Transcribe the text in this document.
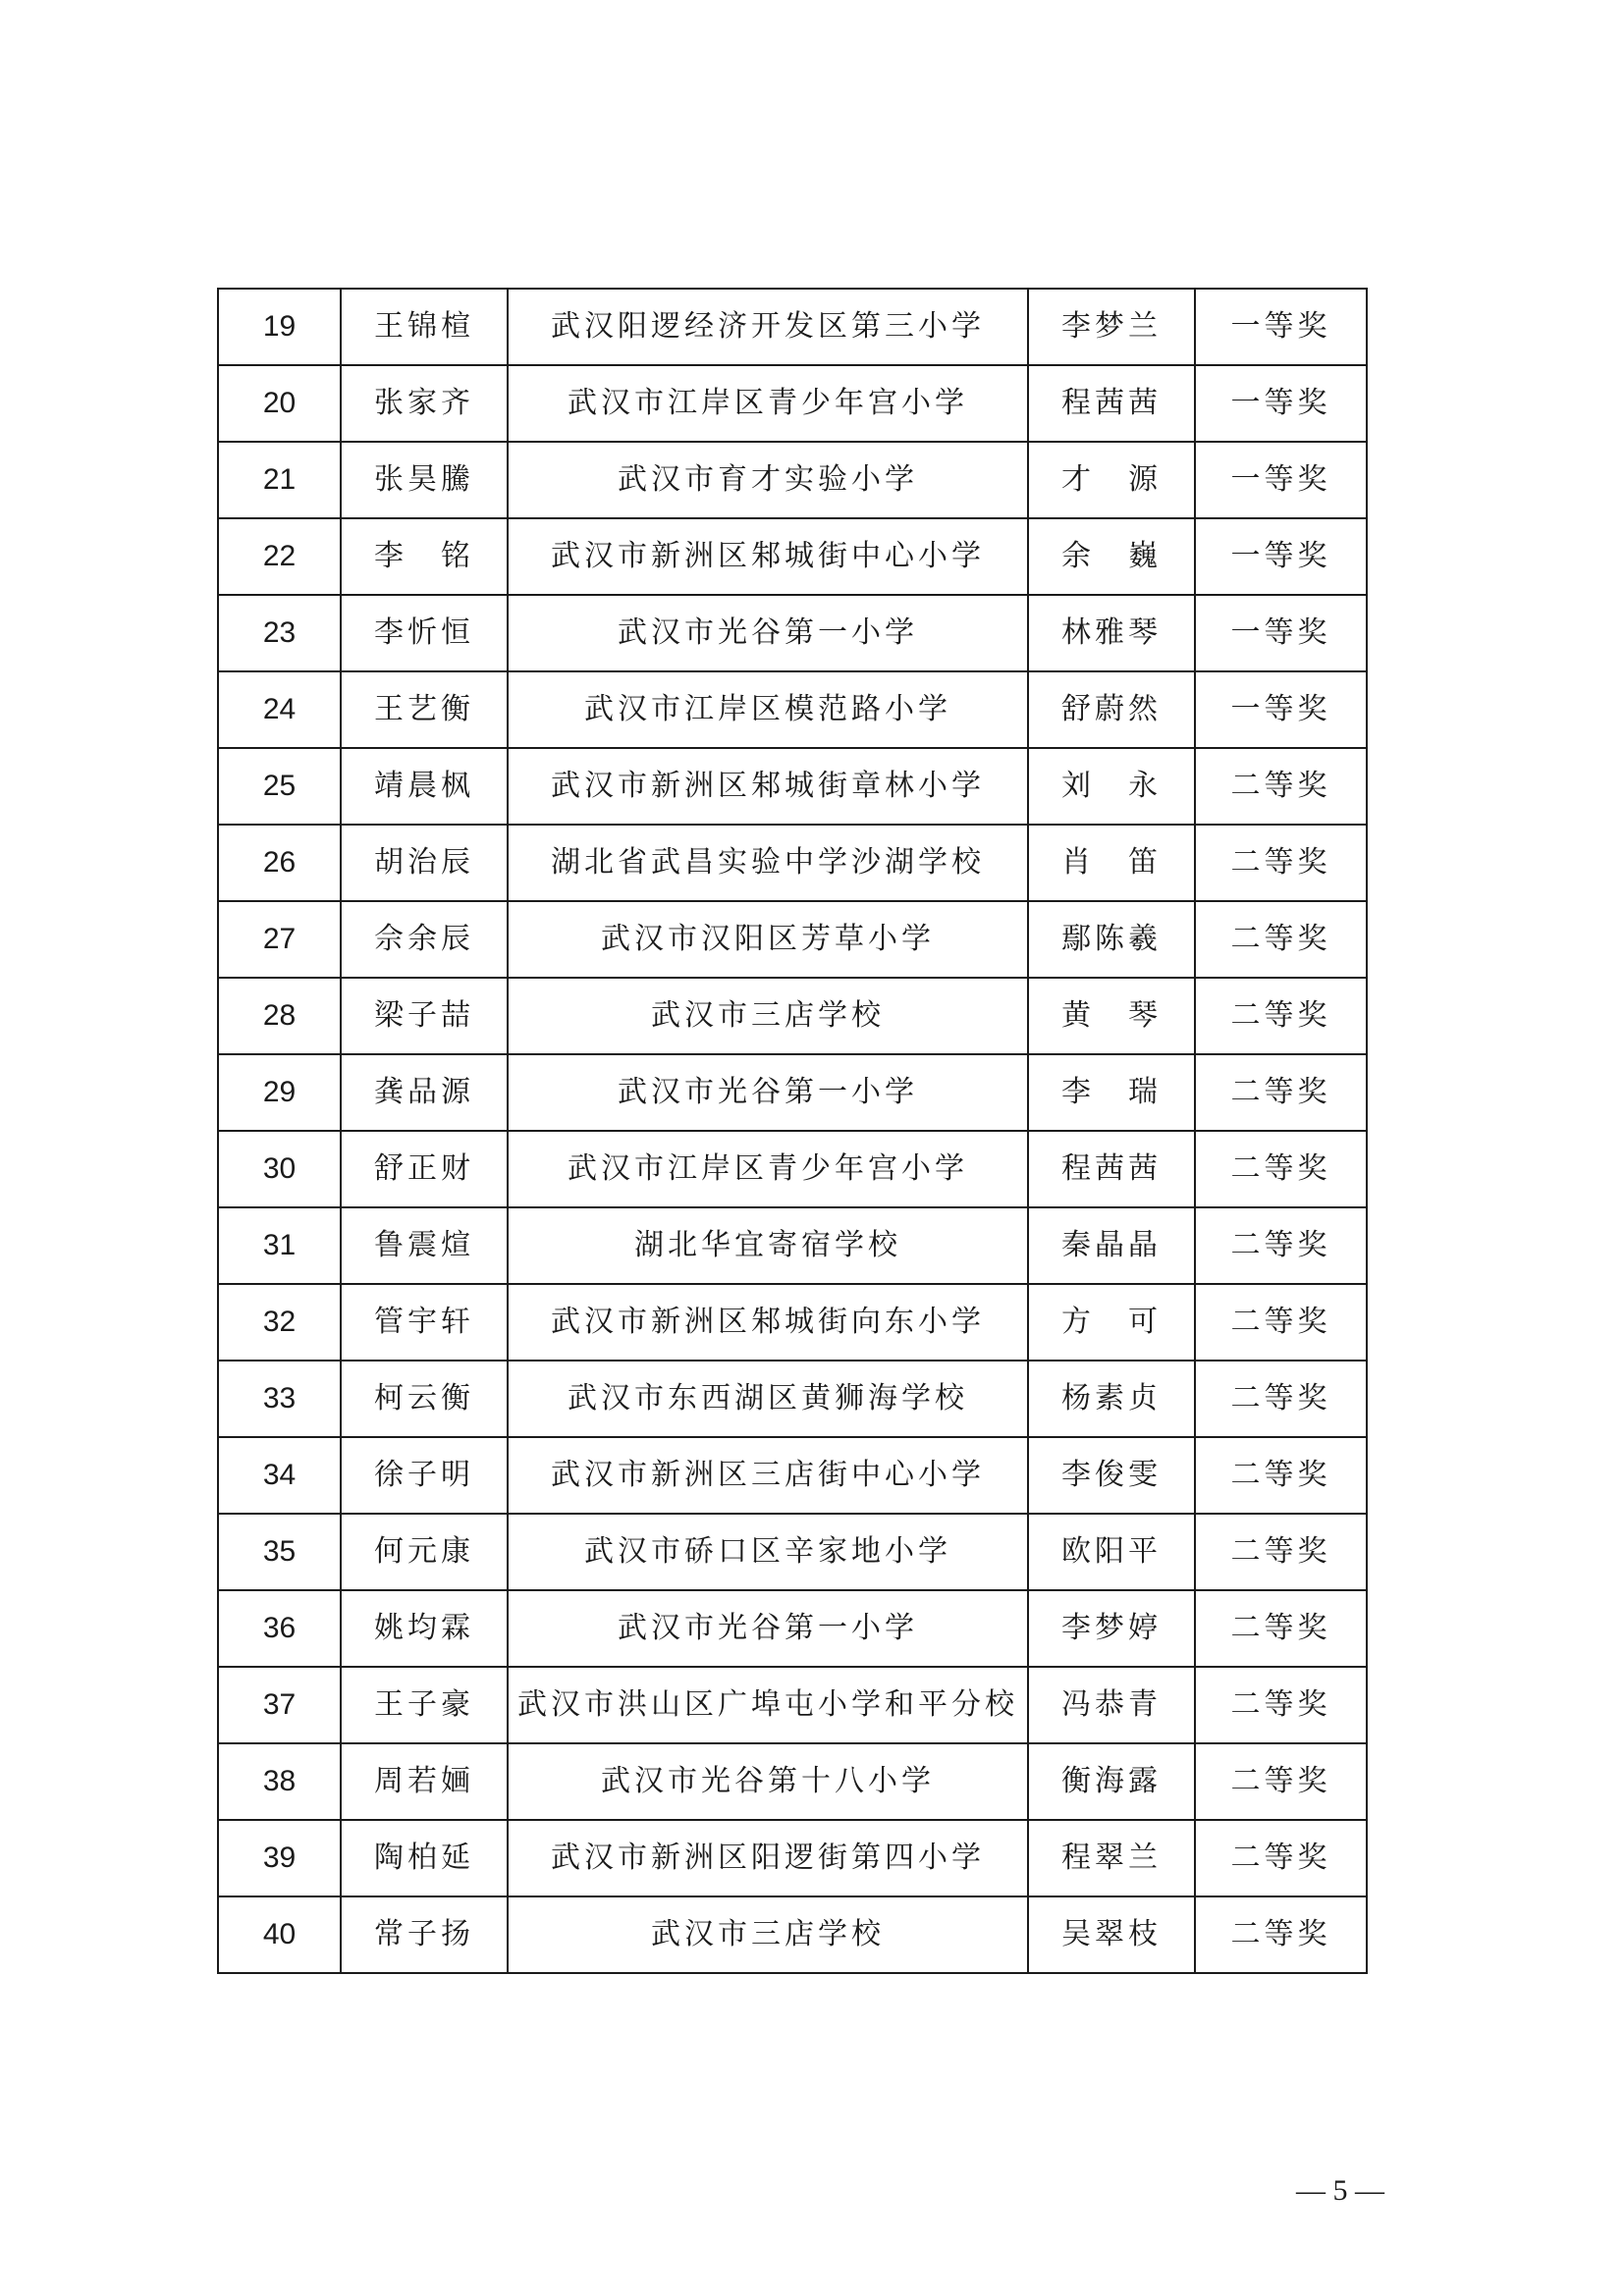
19	王锦楦	武汉阳逻经济开发区第三小学	李梦兰	一等奖
20	张家齐	武汉市江岸区青少年宫小学	程茜茜	一等奖
21	张昊騰	武汉市育才实验小学	才　源	一等奖
22	李　铭	武汉市新洲区邾城街中心小学	余　巍	一等奖
23	李忻恒	武汉市光谷第一小学	林雅琴	一等奖
24	王艺衡	武汉市江岸区模范路小学	舒蔚然	一等奖
25	靖晨枫	武汉市新洲区邾城街章林小学	刘　永	二等奖
26	胡治辰	湖北省武昌实验中学沙湖学校	肖　笛	二等奖
27	佘余辰	武汉市汉阳区芳草小学	鄢陈羲	二等奖
28	梁子喆	武汉市三店学校	黄　琴	二等奖
29	龚品源	武汉市光谷第一小学	李　瑞	二等奖
30	舒正财	武汉市江岸区青少年宫小学	程茜茜	二等奖
31	鲁震煊	湖北华宜寄宿学校	秦晶晶	二等奖
32	管宇轩	武汉市新洲区邾城街向东小学	方　可	二等奖
33	柯云衡	武汉市东西湖区黄狮海学校	杨素贞	二等奖
34	徐子明	武汉市新洲区三店街中心小学	李俊雯	二等奖
35	何元康	武汉市硚口区辛家地小学	欧阳平	二等奖
36	姚均霖	武汉市光谷第一小学	李梦婷	二等奖
37	王子豪	武汉市洪山区广埠屯小学和平分校	冯恭青	二等奖
38	周若婳	武汉市光谷第十八小学	衡海露	二等奖
39	陶柏延	武汉市新洲区阳逻街第四小学	程翠兰	二等奖
40	常子扬	武汉市三店学校	吴翠枝	二等奖
— 5 —
